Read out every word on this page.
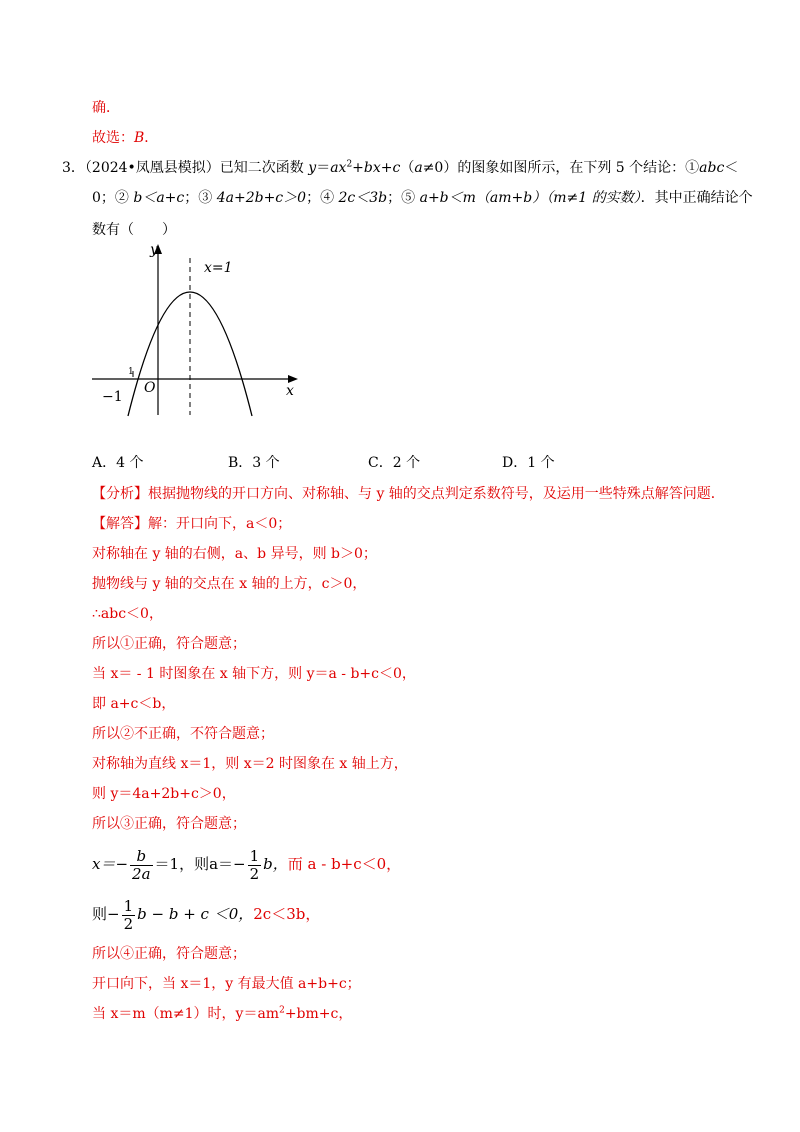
确．
故选：B．
3．（2024•凤凰县模拟）已知二次函数 $y=ax^2+bx+c(a\ne 0)$的图象如图所示，在下列 5 个结论：①abc＜
0；② b＜a+c；③ 4a+2b+c＞0；④ 2c＜3b；⑤ a+b＜m（am+b）（m≠1 的实数）．其中正确结论个
数有（　　）
y
x
x=1
O
−1
1
A．4 个	B．3 个	C．2 个	D．1 个
【分析】根据抛物线的开口方向、对称轴、与 y 轴的交点判定系数符号，及运用一些特殊点解答问题．
【解答】解：开口向下，a＜0；
对称轴在 y 轴的右侧，a、b 异号，则 b＞0；
抛物线与 y 轴的交点在 x 轴的上方，c＞0，
∴abc＜0，
所以①正确，符合题意；
当 x＝ - 1 时图象在 x 轴下方，则 y＝a - b+c＜0，
即 a+c＜b，
所以②不正确，不符合题意；
对称轴为直线 x＝1，则 x＝2 时图象在 x 轴上方，
则 y＝4a+2b+c＞0，
所以③正确，符合题意；
$x=- \frac{b}{2a} =1$，则$a=- \frac{1}{2}$ b，而 a - b+c＜0，
则− $\frac{1}{2}$ b − b + c ＜0，2c＜3b，
所以④正确，符合题意；
开口向下，当 x＝1，y 有最大值 a+b+c；
当 x＝m（m≠1）时，$y=am^2+bm+c$，
